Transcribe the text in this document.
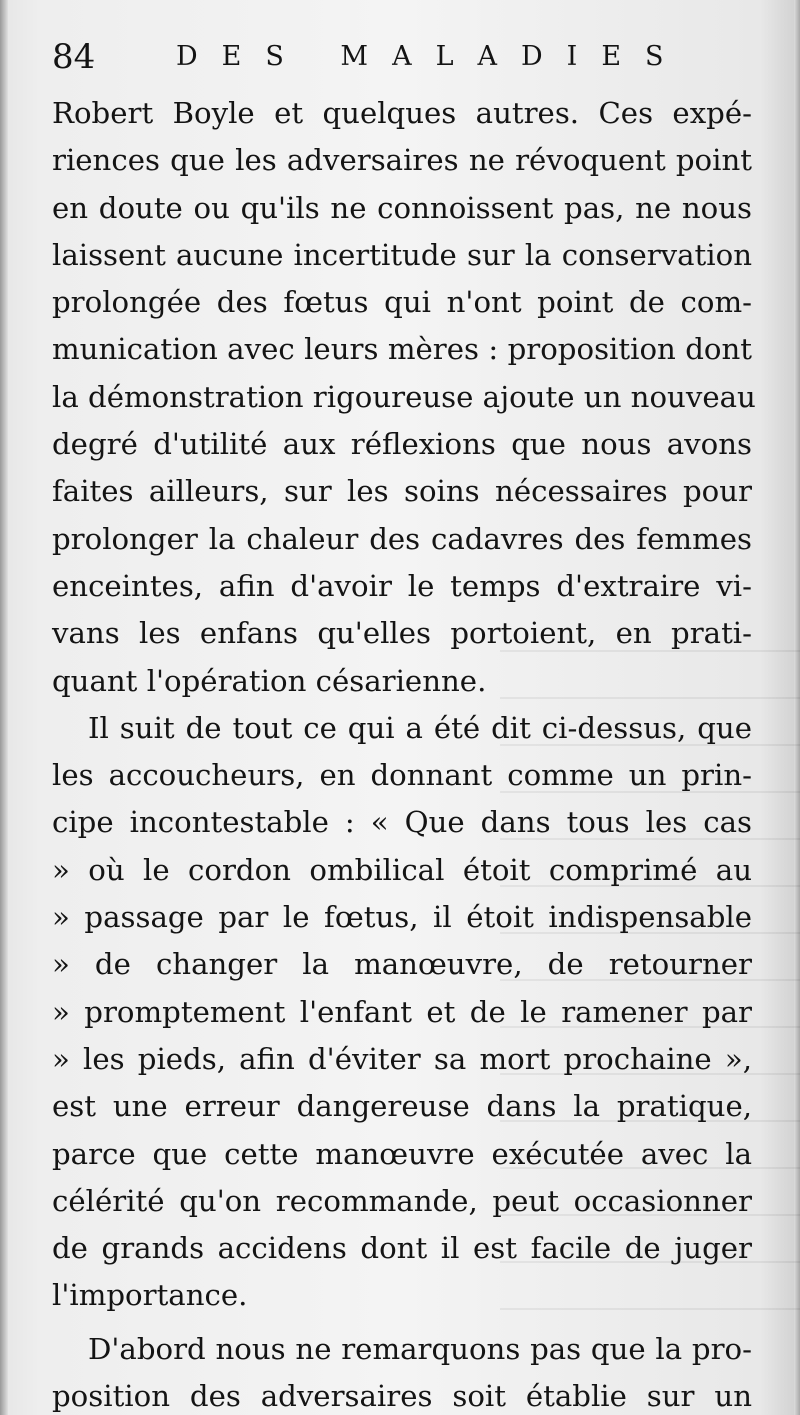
84	DES MALADIES
Robert Boyle et quelques autres. Ces expé-
riences que les adversaires ne révoquent point
en doute ou qu'ils ne connoissent pas, ne nous
laissent aucune incertitude sur la conservation
prolongée des fœtus qui n'ont point de com-
munication avec leurs mères : proposition dont
la démonstration rigoureuse ajoute un nouveau
degré d'utilité aux réflexions que nous avons
faites ailleurs, sur les soins nécessaires pour
prolonger la chaleur des cadavres des femmes
enceintes, afin d'avoir le temps d'extraire vi-
vans les enfans qu'elles portoient, en prati-
quant l'opération césarienne.
Il suit de tout ce qui a été dit ci-dessus, que
les accoucheurs, en donnant comme un prin-
cipe incontestable : « Que dans tous les cas
» où le cordon ombilical étoit comprimé au
» passage par le fœtus, il étoit indispensable
» de changer la manœuvre, de retourner
» promptement l'enfant et de le ramener par
» les pieds, afin d'éviter sa mort prochaine »,
est une erreur dangereuse dans la pratique,
parce que cette manœuvre exécutée avec la
célérité qu'on recommande, peut occasionner
de grands accidens dont il est facile de juger
l'importance.
D'abord nous ne remarquons pas que la pro-
position des adversaires soit établie sur un
